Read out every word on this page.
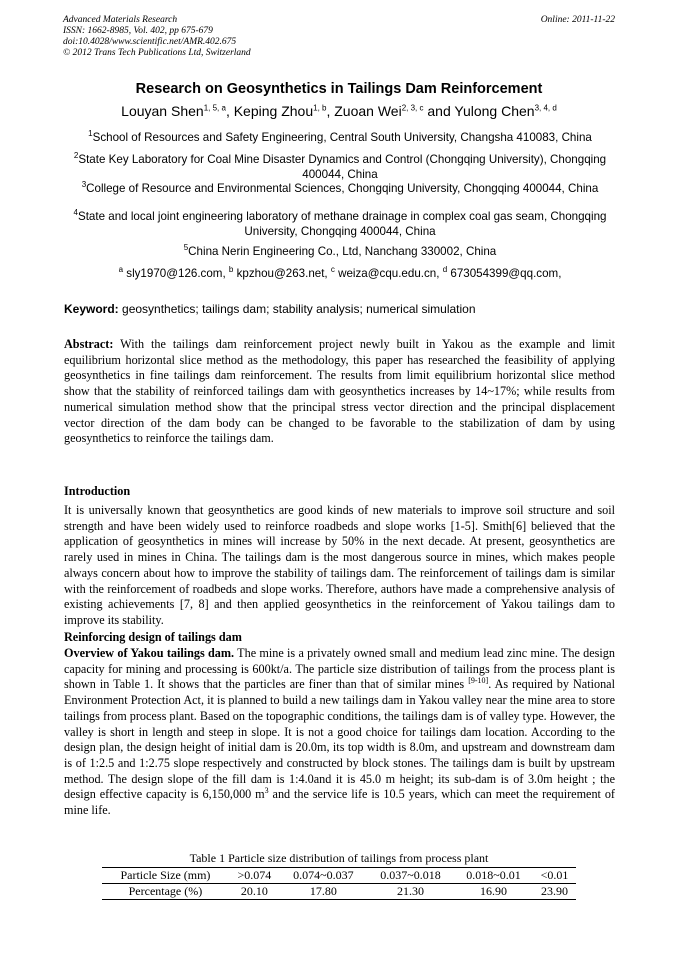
Advanced Materials Research
ISSN: 1662-8985, Vol. 402, pp 675-679
doi:10.4028/www.scientific.net/AMR.402.675
© 2012 Trans Tech Publications Ltd, Switzerland
Online: 2011-11-22
Research on Geosynthetics in Tailings Dam Reinforcement
Louyan Shen$^{1, 5, a}$, Keping Zhou$^{1, b}$, Zuoan Wei$^{2, 3, c}$ and Yulong Chen$^{3, 4, d}$
$^1$School of Resources and Safety Engineering, Central South University, Changsha 410083, China
$^2$State Key Laboratory for Coal Mine Disaster Dynamics and Control (Chongqing University), Chongqing 400044, China
$^3$College of Resource and Environmental Sciences, Chongqing University, Chongqing 400044, China
$^4$State and local joint engineering laboratory of methane drainage in complex coal gas seam, Chongqing University, Chongqing 400044, China
$^5$China Nerin Engineering Co., Ltd, Nanchang 330002, China
$^a$ sly1970@126.com, $^b$ kpzhou@263.net, $^c$ weiza@cqu.edu.cn, $^d$ 673054399@qq.com,
Keyword: geosynthetics; tailings dam; stability analysis; numerical simulation
Abstract: With the tailings dam reinforcement project newly built in Yakou as the example and limit equilibrium horizontal slice method as the methodology, this paper has researched the feasibility of applying geosynthetics in fine tailings dam reinforcement. The results from limit equilibrium horizontal slice method show that the stability of reinforced tailings dam with geosynthetics increases by 14~17%; while results from numerical simulation method show that the principal stress vector direction and the principal displacement vector direction of the dam body can be changed to be favorable to the stabilization of dam by using geosynthetics to reinforce the tailings dam.
Introduction
It is universally known that geosynthetics are good kinds of new materials to improve soil structure and soil strength and have been widely used to reinforce roadbeds and slope works [1-5]. Smith[6] believed that the application of geosynthetics in mines will increase by 50% in the next decade. At present, geosynthetics are rarely used in mines in China. The tailings dam is the most dangerous source in mines, which makes people always concern about how to improve the stability of tailings dam. The reinforcement of tailings dam is similar with the reinforcement of roadbeds and slope works. Therefore, authors have made a comprehensive analysis of existing achievements [7, 8] and then applied geosynthetics in the reinforcement of Yakou tailings dam to improve its stability.
Reinforcing design of tailings dam
Overview of Yakou tailings dam. The mine is a privately owned small and medium lead zinc mine. The design capacity for mining and processing is 600kt/a. The particle size distribution of tailings from the process plant is shown in Table 1. It shows that the particles are finer than that of similar mines [9-10]. As required by National Environment Protection Act, it is planned to build a new tailings dam in Yakou valley near the mine area to store tailings from process plant. Based on the topographic conditions, the tailings dam is of valley type. However, the valley is short in length and steep in slope. It is not a good choice for tailings dam location. According to the design plan, the design height of initial dam is 20.0m, its top width is 8.0m, and upstream and downstream dam is of 1:2.5 and 1:2.75 slope respectively and constructed by block stones. The tailings dam is built by upstream method. The design slope of the fill dam is 1:4.0and it is 45.0 m height; its sub-dam is of 3.0m height ; the design effective capacity is 6,150,000 $m^3$ and the service life is 10.5 years, which can meet the requirement of mine life.
Table 1 Particle size distribution of tailings from process plant
Particle Size (mm)	>0.074	0.074~0.037	0.037~0.018	0.018~0.01	<0.01
Percentage (%)	20.10	17.80	21.30	16.90	23.90
